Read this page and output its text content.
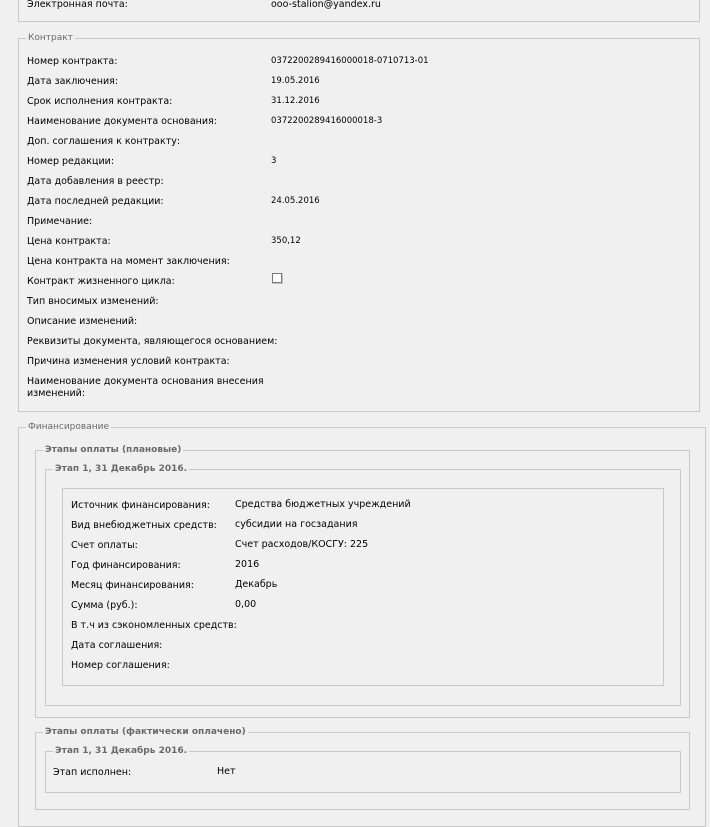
Электронная почта:	ooo-stalion@yandex.ru
Контракт
Номер контракта:	0372200289416000018-0710713-01
Дата заключения:	19.05.2016
Срок исполнения контракта:	31.12.2016
Наименование документа основания:	0372200289416000018-3
Доп. соглашения к контракту:
Номер редакции:	3
Дата добавления в реестр:
Дата последней редакции:	24.05.2016
Примечание:
Цена контракта:	350,12
Цена контракта на момент заключения:
Контракт жизненного цикла:
Тип вносимых изменений:
Описание изменений:
Реквизиты документа, являющегося основанием:
Причина изменения условий контракта:
Наименование документа основания внесения
изменений:
Финансирование
Этапы оплаты (плановые)
Этап 1, 31 Декабрь 2016.
Источник финансирования:	Средства бюджетных учреждений
Вид внебюджетных средств: субсидии на госзадания
Счет оплаты:	Счет расходов/КОСГУ: 225
Год финансирования:	2016
Месяц финансирования:	Декабрь
Сумма (руб.):	0,00
В т.ч из сэкономленных средств:
Дата соглашения:
Номер соглашения:
Этапы оплаты (фактически оплачено)
Этап 1, 31 Декабрь 2016.
Этап исполнен:	Нет
